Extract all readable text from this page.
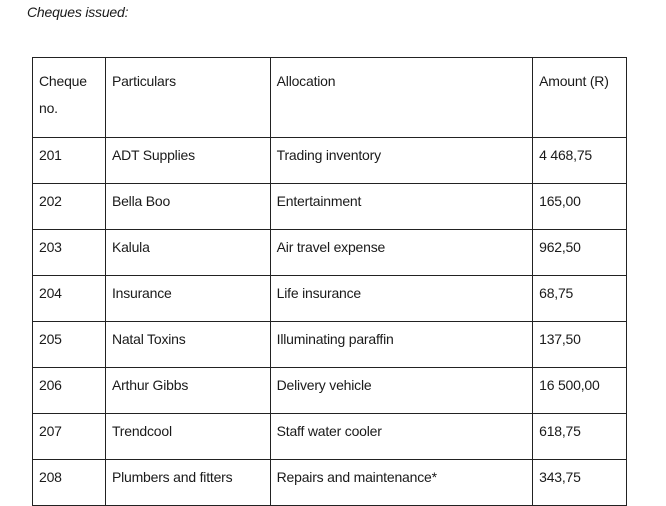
Cheques issued:
Cheque
no.	Particulars	Allocation	Amount (R)
201	ADT Supplies	Trading inventory	4 468,75
202	Bella Boo	Entertainment	165,00
203	Kalula	Air travel expense	962,50
204	Insurance	Life insurance	68,75
205	Natal Toxins	Illuminating paraffin	137,50
206	Arthur Gibbs	Delivery vehicle	16 500,00
207	Trendcool	Staff water cooler	618,75
208	Plumbers and fitters	Repairs and maintenance*	343,75
